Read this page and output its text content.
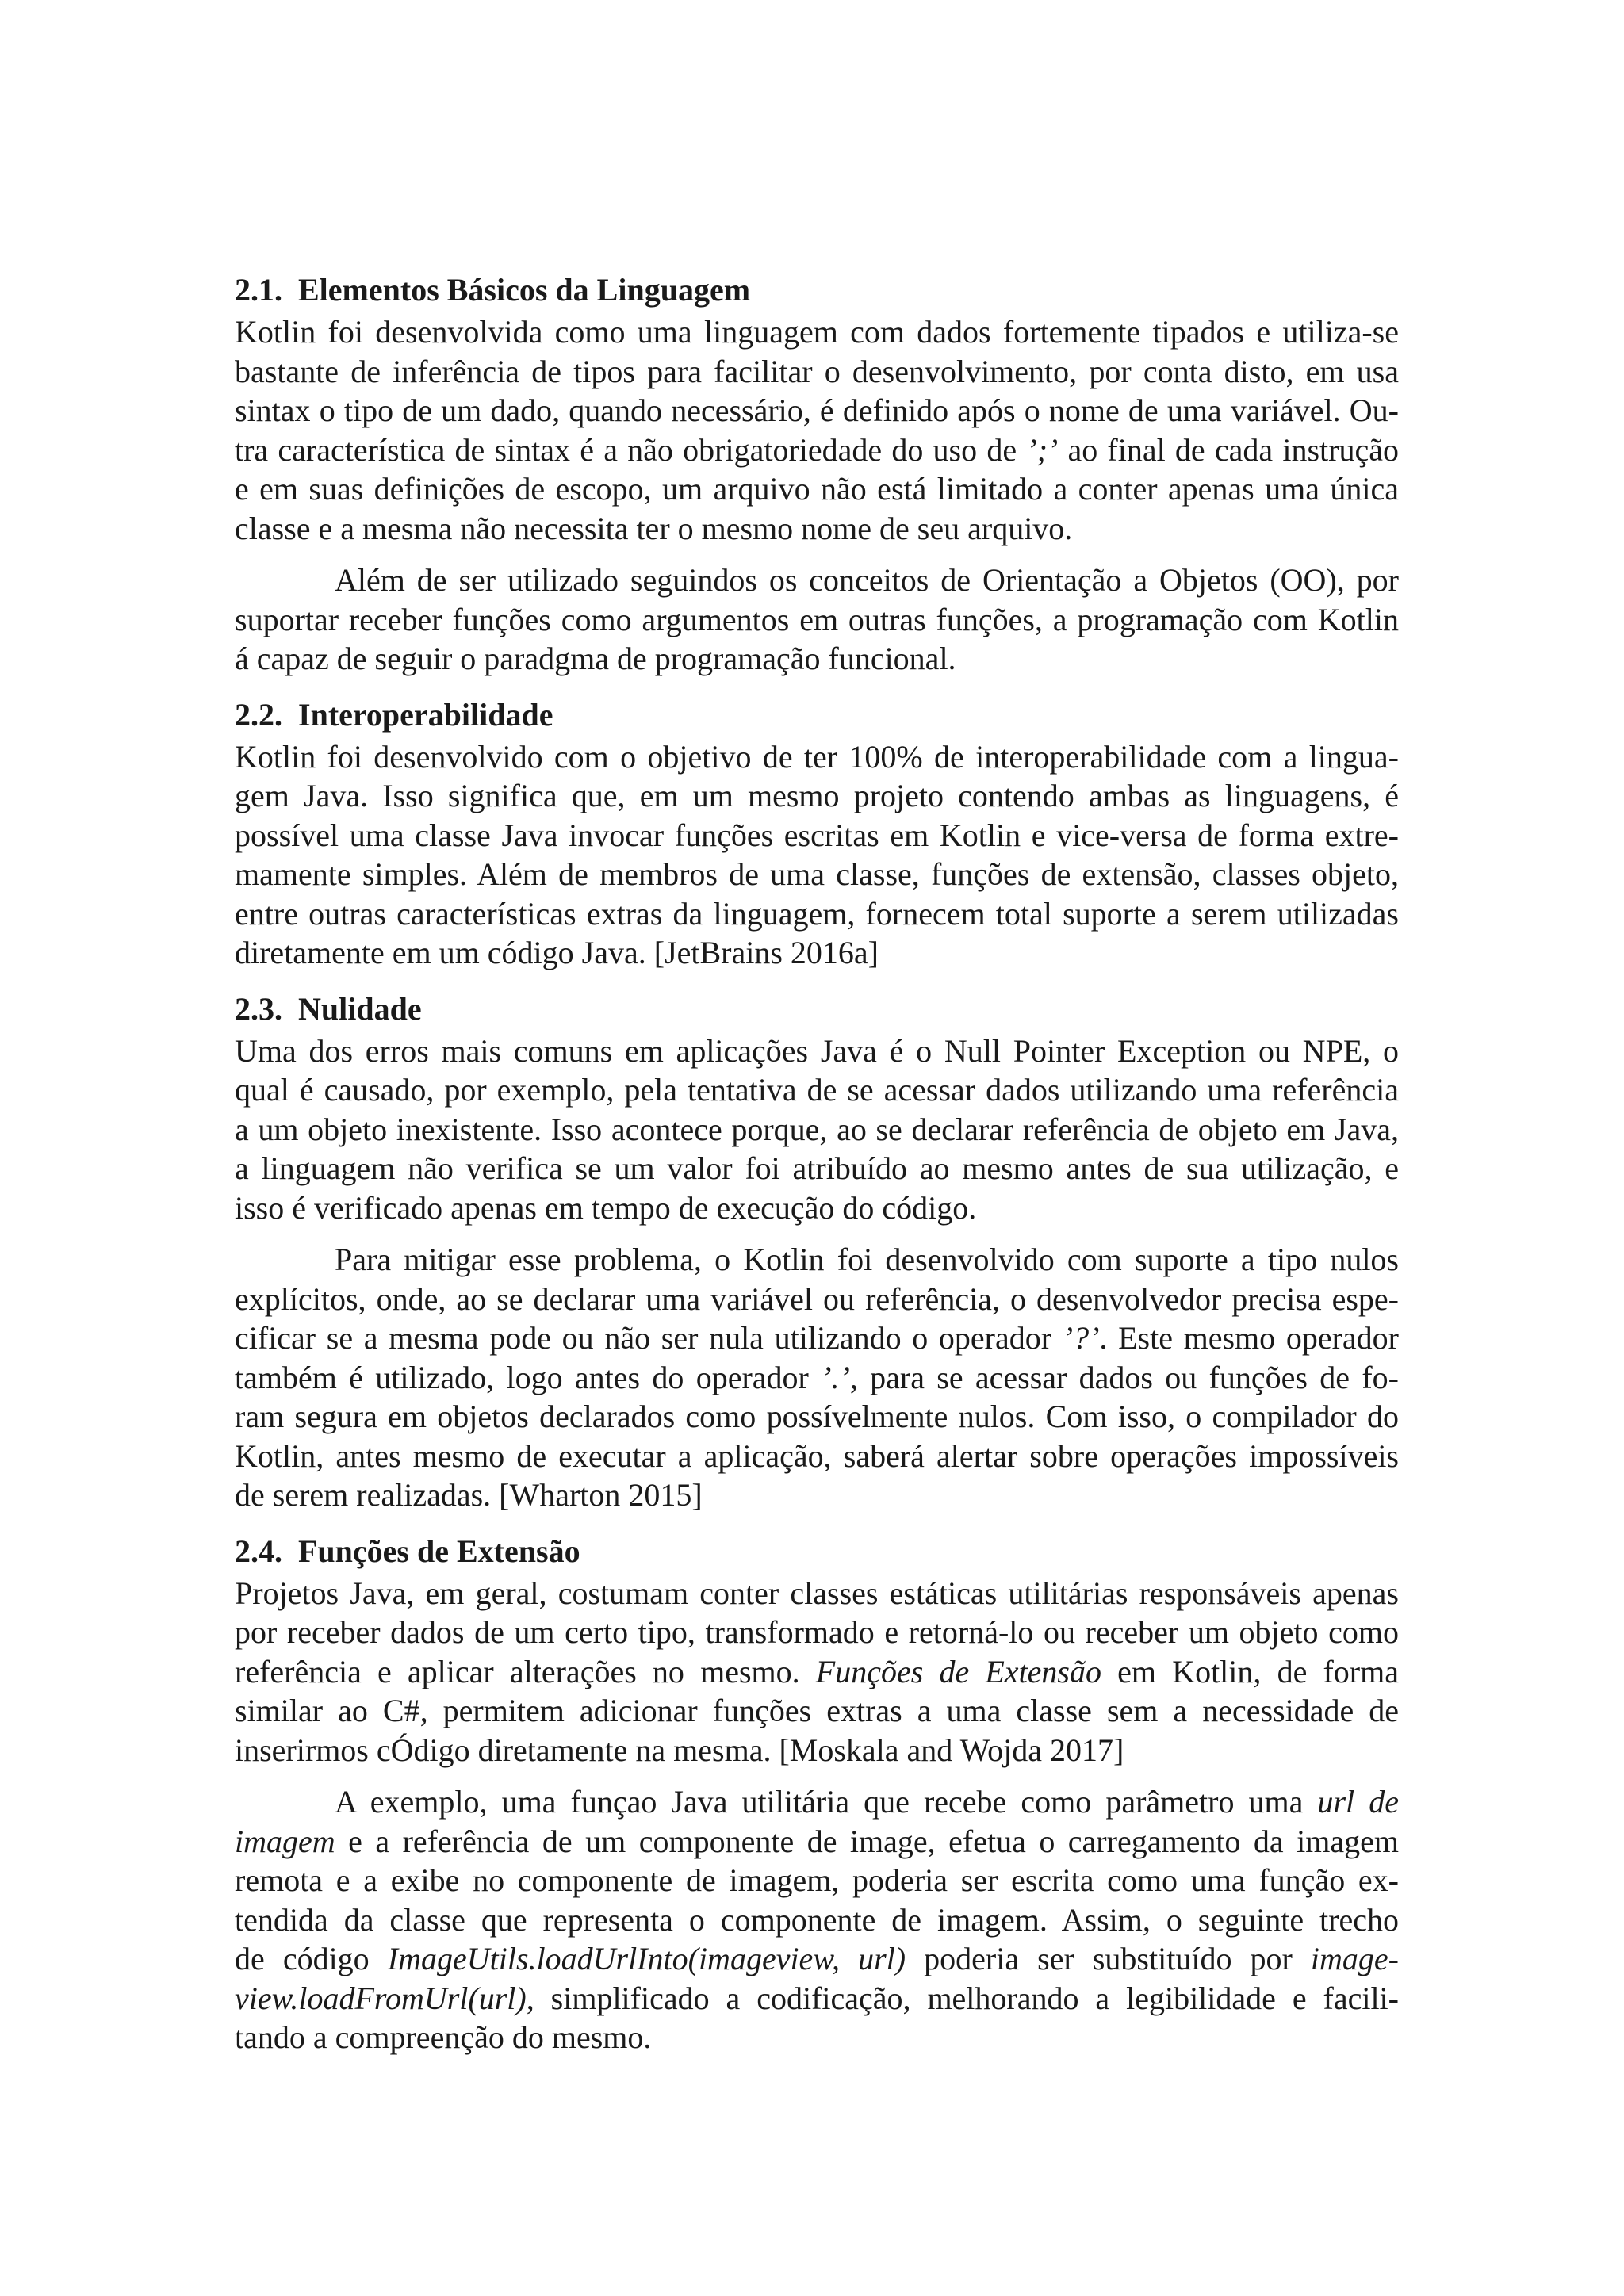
2.1. Elementos Básicos da Linguagem
Kotlin foi desenvolvida como uma linguagem com dados fortemente tipados e utiliza-se
bastante de inferência de tipos para facilitar o desenvolvimento, por conta disto, em usa
sintax o tipo de um dado, quando necessário, é definido após o nome de uma variável. Ou-
tra característica de sintax é a não obrigatoriedade do uso de ’;’ ao final de cada instrução
e em suas definições de escopo, um arquivo não está limitado a conter apenas uma única
classe e a mesma não necessita ter o mesmo nome de seu arquivo.
Além de ser utilizado seguindos os conceitos de Orientação a Objetos (OO), por
suportar receber funções como argumentos em outras funções, a programação com Kotlin
á capaz de seguir o paradgma de programação funcional.
2.2. Interoperabilidade
Kotlin foi desenvolvido com o objetivo de ter 100% de interoperabilidade com a lingua-
gem Java. Isso significa que, em um mesmo projeto contendo ambas as linguagens, é
possível uma classe Java invocar funções escritas em Kotlin e vice-versa de forma extre-
mamente simples. Além de membros de uma classe, funções de extensão, classes objeto,
entre outras características extras da linguagem, fornecem total suporte a serem utilizadas
diretamente em um código Java. [JetBrains 2016a]
2.3. Nulidade
Uma dos erros mais comuns em aplicações Java é o Null Pointer Exception ou NPE, o
qual é causado, por exemplo, pela tentativa de se acessar dados utilizando uma referência
a um objeto inexistente. Isso acontece porque, ao se declarar referência de objeto em Java,
a linguagem não verifica se um valor foi atribuído ao mesmo antes de sua utilização, e
isso é verificado apenas em tempo de execução do código.
Para mitigar esse problema, o Kotlin foi desenvolvido com suporte a tipo nulos
explícitos, onde, ao se declarar uma variável ou referência, o desenvolvedor precisa espe-
cificar se a mesma pode ou não ser nula utilizando o operador ’?’. Este mesmo operador
também é utilizado, logo antes do operador ’.’, para se acessar dados ou funções de fo-
ram segura em objetos declarados como possívelmente nulos. Com isso, o compilador do
Kotlin, antes mesmo de executar a aplicação, saberá alertar sobre operações impossíveis
de serem realizadas. [Wharton 2015]
2.4. Funções de Extensão
Projetos Java, em geral, costumam conter classes estáticas utilitárias responsáveis apenas
por receber dados de um certo tipo, transformado e retorná-lo ou receber um objeto como
referência e aplicar alterações no mesmo. Funções de Extensão em Kotlin, de forma
similar ao C#, permitem adicionar funções extras a uma classe sem a necessidade de
inserirmos cÓdigo diretamente na mesma. [Moskala and Wojda 2017]
A exemplo, uma funçao Java utilitária que recebe como parâmetro uma url de
imagem e a referência de um componente de image, efetua o carregamento da imagem
remota e a exibe no componente de imagem, poderia ser escrita como uma função ex-
tendida da classe que representa o componente de imagem. Assim, o seguinte trecho
de código ImageUtils.loadUrlInto(imageview, url) poderia ser substituído por image-
view.loadFromUrl(url), simplificado a codificação, melhorando a legibilidade e facili-
tando a compreenção do mesmo.
